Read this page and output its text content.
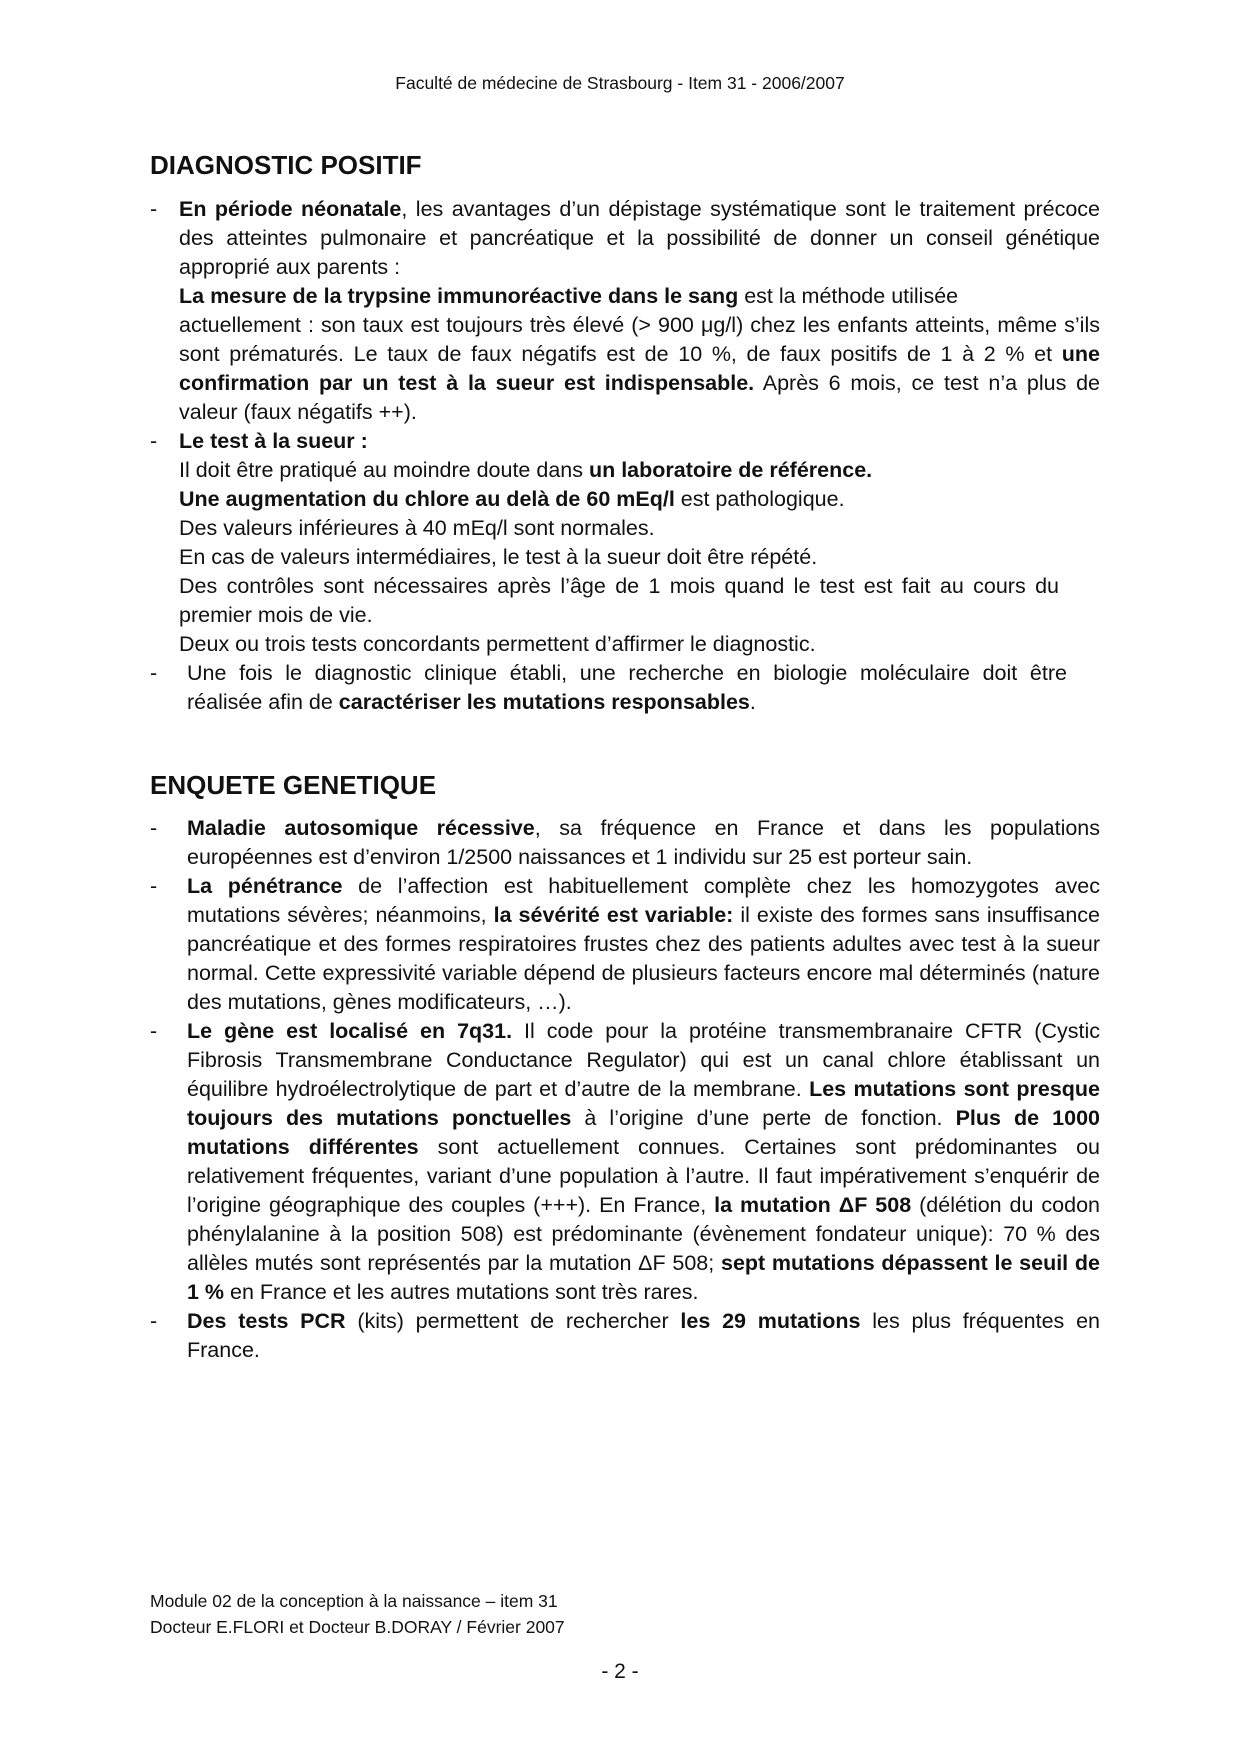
Faculté de médecine de Strasbourg - Item 31 - 2006/2007
DIAGNOSTIC POSITIF
- En période néonatale, les avantages d’un dépistage systématique sont le traitement précoce des atteintes pulmonaire et pancréatique et la possibilité de donner un conseil génétique approprié aux parents :
La mesure de la trypsine immunoréactive dans le sang est la méthode utilisée
actuellement : son taux est toujours très élevé (> 900 μg/l) chez les enfants atteints, même s’ils sont prématurés. Le taux de faux négatifs est de 10 %, de faux positifs de 1 à 2 % et une confirmation par un test à la sueur est indispensable. Après 6 mois, ce test n’a plus de valeur (faux négatifs ++).
- Le test à la sueur :
Il doit être pratiqué au moindre doute dans un laboratoire de référence.
Une augmentation du chlore au delà de 60 mEq/l est pathologique.
Des valeurs inférieures à 40 mEq/l sont normales.
En cas de valeurs intermédiaires, le test à la sueur doit être répété.
Des contrôles sont nécessaires après l’âge de 1 mois quand le test est fait au cours du premier mois de vie.
Deux ou trois tests concordants permettent d’affirmer le diagnostic.
- Une fois le diagnostic clinique établi, une recherche en biologie moléculaire doit être réalisée afin de caractériser les mutations responsables.
ENQUETE GENETIQUE
- Maladie autosomique récessive, sa fréquence en France et dans les populations européennes est d’environ 1/2500 naissances et 1 individu sur 25 est porteur sain.
- La pénétrance de l’affection est habituellement complète chez les homozygotes avec mutations sévères; néanmoins, la sévérité est variable: il existe des formes sans insuffisance pancréatique et des formes respiratoires frustes chez des patients adultes avec test à la sueur normal. Cette expressivité variable dépend de plusieurs facteurs encore mal déterminés (nature des mutations, gènes modificateurs, …).
- Le gène est localisé en 7q31. Il code pour la protéine transmembranaire CFTR (Cystic Fibrosis Transmembrane Conductance Regulator) qui est un canal chlore établissant un équilibre hydroélectrolytique de part et d’autre de la membrane. Les mutations sont presque toujours des mutations ponctuelles à l’origine d’une perte de fonction. Plus de 1000 mutations différentes sont actuellement connues. Certaines sont prédominantes ou relativement fréquentes, variant d’une population à l’autre. Il faut impérativement s’enquérir de l’origine géographique des couples (+++). En France, la mutation ΔF 508 (délétion du codon phénylalanine à la position 508) est prédominante (évènement fondateur unique): 70 % des allèles mutés sont représentés par la mutation ΔF 508; sept mutations dépassent le seuil de 1 % en France et les autres mutations sont très rares.
- Des tests PCR (kits) permettent de rechercher les 29 mutations les plus fréquentes en France.
Module 02 de la conception à la naissance – item 31
Docteur E.FLORI et Docteur B.DORAY / Février 2007
- 2 -
